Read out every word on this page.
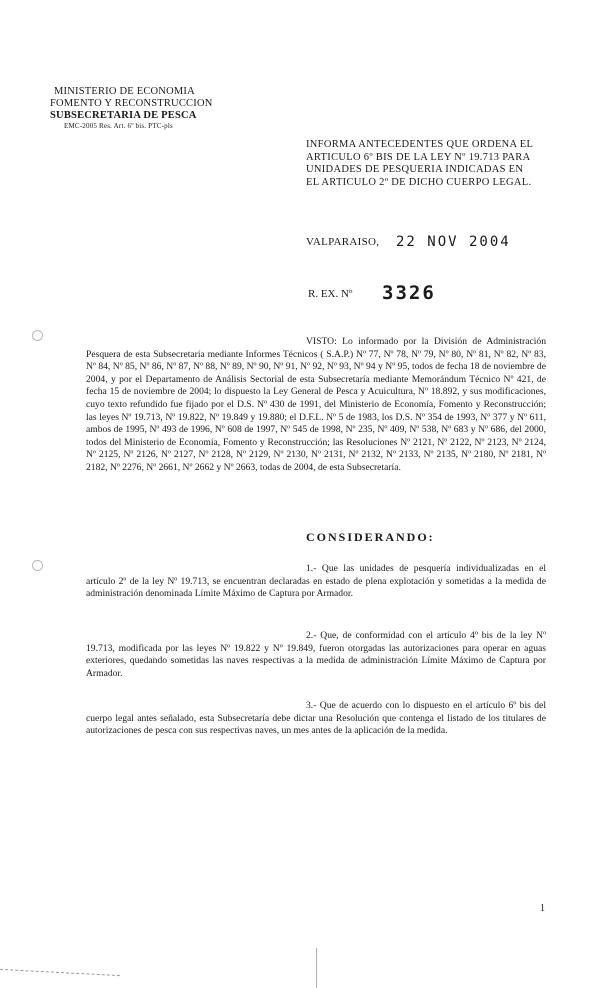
MINISTERIO DE ECONOMIA
FOMENTO Y RECONSTRUCCION
SUBSECRETARIA DE PESCA
EMC-2005 Res. Art. 6º bis. PTC-pls
INFORMA ANTECEDENTES QUE ORDENA EL
ARTICULO 6º BIS DE LA LEY Nº 19.713 PARA
UNIDADES DE PESQUERIA INDICADAS EN
EL ARTICULO 2º DE DICHO CUERPO LEGAL.
VALPARAISO, 22 NOV 2004
R. EX. Nº 3326
VISTO: Lo informado por la División de Administración Pesquera de esta Subsecretaría mediante Informes Técnicos ( S.A.P.) Nº 77, Nº 78, Nº 79, Nº 80, Nº 81, Nº 82, Nº 83, Nº 84, Nº 85, Nº 86, Nº 87, Nº 88, Nº 89, Nº 90, Nº 91, Nº 92, Nº 93, Nº 94 y Nº 95, todos de fecha 18 de noviembre de 2004, y por el Departamento de Análisis Sectorial de esta Subsecretaría mediante Memorándum Técnico Nº 421, de fecha 15 de noviembre de 2004; lo dispuesto la Ley General de Pesca y Acuicultura, Nº 18.892, y sus modificaciones, cuyo texto refundido fue fijado por el D.S. Nº 430 de 1991, del Ministerio de Economía, Fomento y Reconstrucción; las leyes Nº 19.713, Nº 19.822, Nº 19.849 y 19.880; el D.F.L. Nº 5 de 1983, los D.S. Nº 354 de 1993, Nº 377 y Nº 611, ambos de 1995, Nº 493 de 1996, Nº 608 de 1997, Nº 545 de 1998, Nº 235, Nº 409, Nº 538, Nº 683 y Nº 686, del 2000, todos del Ministerio de Economía, Fomento y Reconstrucción; las Resoluciones Nº 2121, Nº 2122, Nº 2123, Nº 2124, Nº 2125, Nº 2126, Nº 2127, Nº 2128, Nº 2129, Nº 2130, Nº 2131, Nº 2132, Nº 2133, Nº 2135, Nº 2180, Nº 2181, Nº 2182, Nº 2276, Nº 2661, Nº 2662 y Nº 2663, todas de 2004, de esta Subsecretaría.
CONSIDERANDO:
1.- Que las unidades de pesquería individualizadas en el artículo 2º de la ley Nº 19.713, se encuentran declaradas en estado de plena explotación y sometidas a la medida de administración denominada Límite Máximo de Captura por Armador.
2.- Que, de conformidad con el artículo 4º bis de la ley Nº 19.713, modificada por las leyes Nº 19.822 y Nº 19.849, fueron otorgadas las autorizaciones para operar en aguas exteriores, quedando sometidas las naves respectivas a la medida de administración Límite Máximo de Captura por Armador.
3.- Que de acuerdo con lo dispuesto en el artículo 6º bis del cuerpo legal antes señalado, esta Subsecretaría debe dictar una Resolución que contenga el listado de los titulares de autorizaciones de pesca con sus respectivas naves, un mes antes de la aplicación de la medida.
1
